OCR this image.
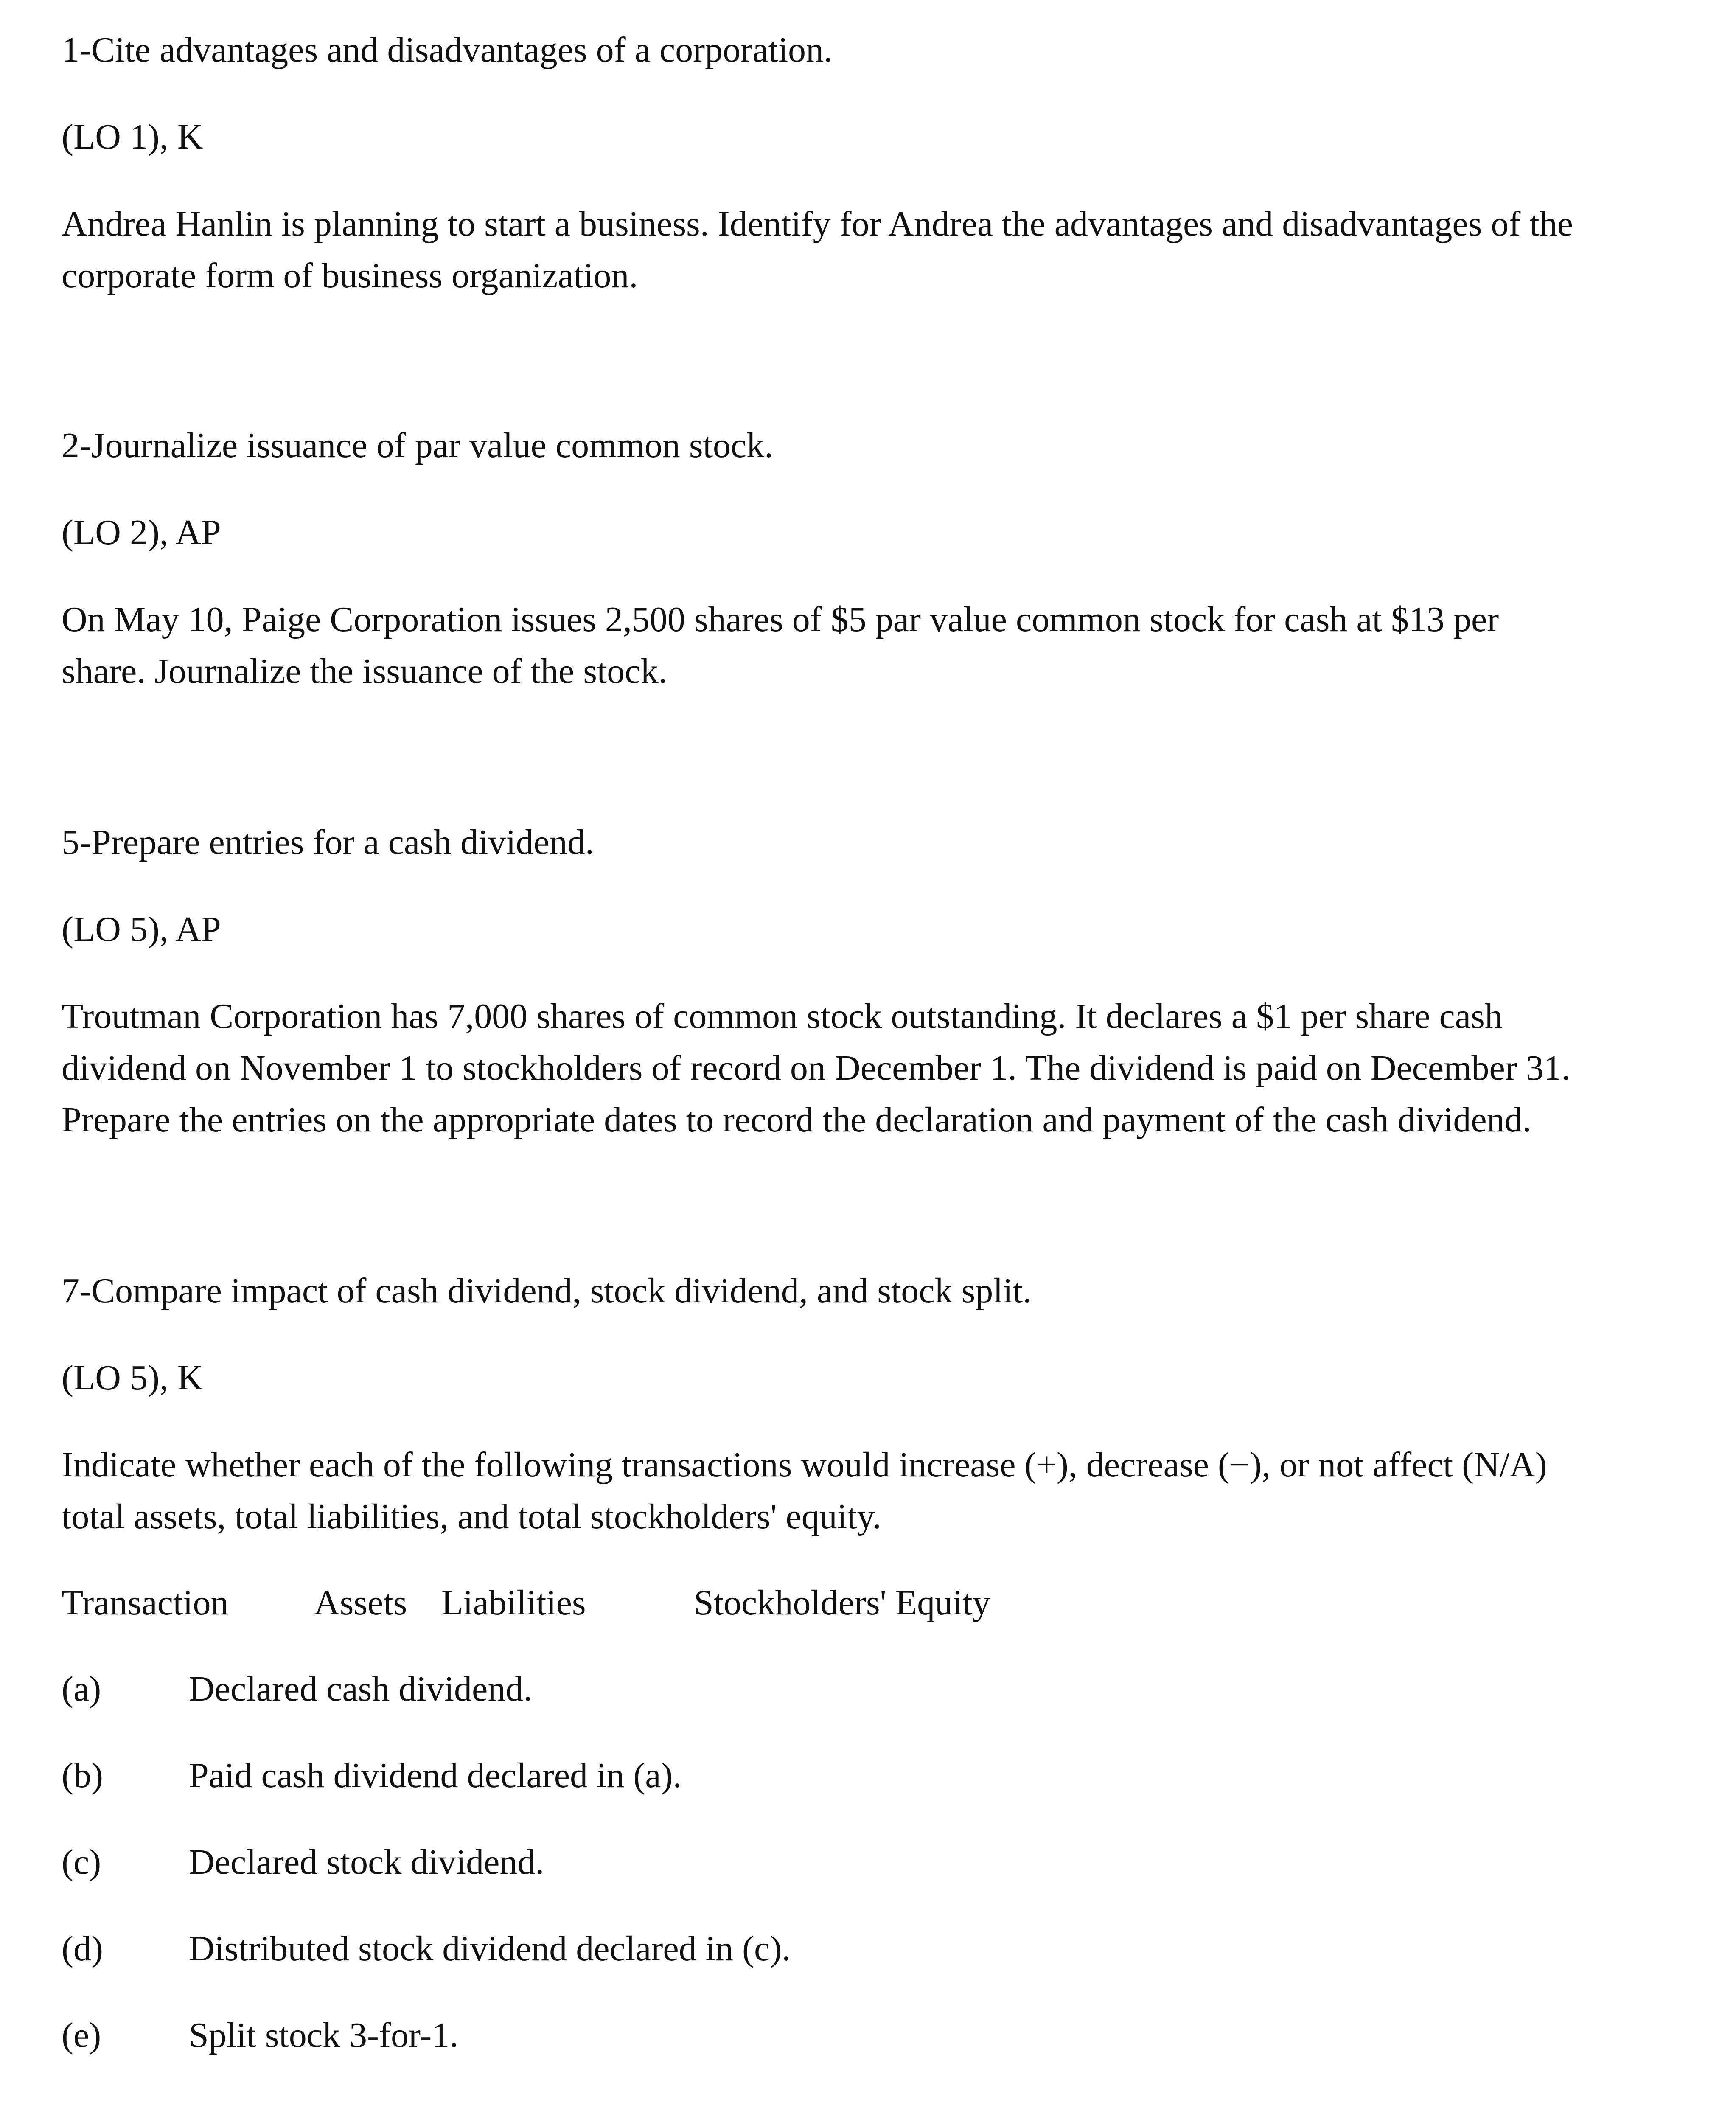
1-Cite advantages and disadvantages of a corporation.

(LO 1), K

Andrea Hanlin is planning to start a business. Identify for Andrea the advantages and disadvantages of the

corporate form of business organization.

2-Journalize issuance of par value common stock.

(LO 2), AP

On May 10, Paige Corporation issues 2,500 shares of $5 par value common stock for cash at $13 per

share. Journalize the issuance of the stock.

5-Prepare entries for a cash dividend.

(LO 5), AP

Troutman Corporation has 7,000 shares of common stock outstanding. It declares a $1 per share cash

dividend on November 1 to stockholders of record on December 1. The dividend is paid on December 31.

Prepare the entries on the appropriate dates to record the declaration and payment of the cash dividend.

7-Compare impact of cash dividend, stock dividend, and stock split.

(LO 5), K

Indicate whether each of the following transactions would increase (+), decrease (−), or not affect (N/A)

total assets, total liabilities, and total stockholders' equity.

Transaction Assets Liabilities	Stockholders' Equity
(a) Declared cash dividend.
(b) Paid cash dividend declared in (a).
(c) Declared stock dividend.
(d) Distributed stock dividend declared in (c).
(e) Split stock 3-for-1.
